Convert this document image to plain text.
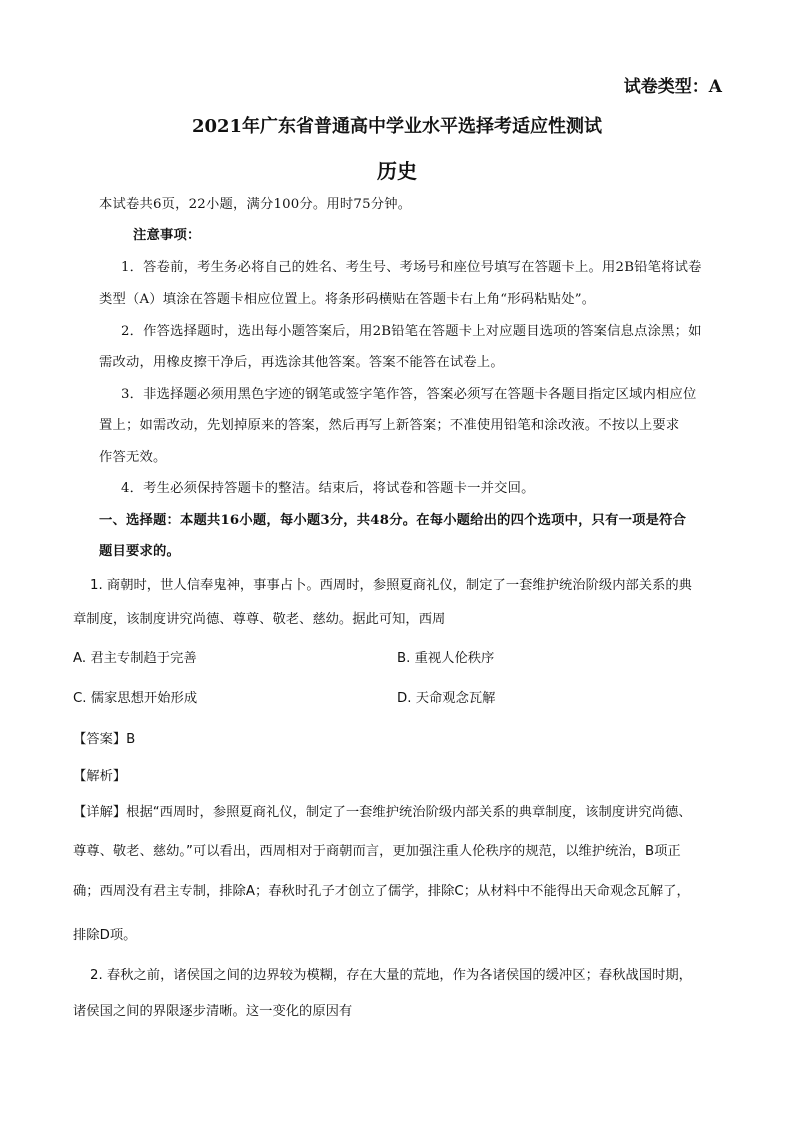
试卷类型：A
2021年广东省普通高中学业水平选择考适应性测试
历史
本试卷共6页，22小题，满分100分。用时75分钟。
注意事项：
1．答卷前，考生务必将自己的姓名、考生号、考场号和座位号填写在答题卡上。用2B铅笔将试卷
类型（A）填涂在答题卡相应位置上。将条形码横贴在答题卡右上角“形码粘贴处”。
2．作答选择题时，选出每小题答案后，用2B铅笔在答题卡上对应题目选项的答案信息点涂黑；如
需改动，用橡皮擦干净后，再选涂其他答案。答案不能答在试卷上。
3．非选择题必须用黑色字迹的钢笔或签字笔作答，答案必须写在答题卡各题目指定区域内相应位
置上；如需改动，先划掉原来的答案，然后再写上新答案；不准使用铅笔和涂改液。不按以上要求
作答无效。
4．考生必须保持答题卡的整洁。结束后，将试卷和答题卡一并交回。
一、选择题：本题共16小题，每小题3分，共48分。在每小题给出的四个选项中，只有一项是符合
题目要求的。
1. 商朝时，世人信奉鬼神，事事占卜。西周时，参照夏商礼仪，制定了一套维护统治阶级内部关系的典
章制度，该制度讲究尚德、尊尊、敬老、慈幼。据此可知，西周
A. 君主专制趋于完善	B. 重视人伦秩序
C. 儒家思想开始形成	D. 天命观念瓦解
【答案】B
【解析】
【详解】根据“西周时，参照夏商礼仪，制定了一套维护统治阶级内部关系的典章制度，该制度讲究尚德、
尊尊、敬老、慈幼。”可以看出，西周相对于商朝而言，更加强注重人伦秩序的规范，以维护统治，B项正
确；西周没有君主专制，排除A；春秋时孔子才创立了儒学，排除C；从材料中不能得出天命观念瓦解了，
排除D项。
2. 春秋之前，诸侯国之间的边界较为模糊，存在大量的荒地，作为各诸侯国的缓冲区；春秋战国时期，
诸侯国之间的界限逐步清晰。这一变化的原因有
